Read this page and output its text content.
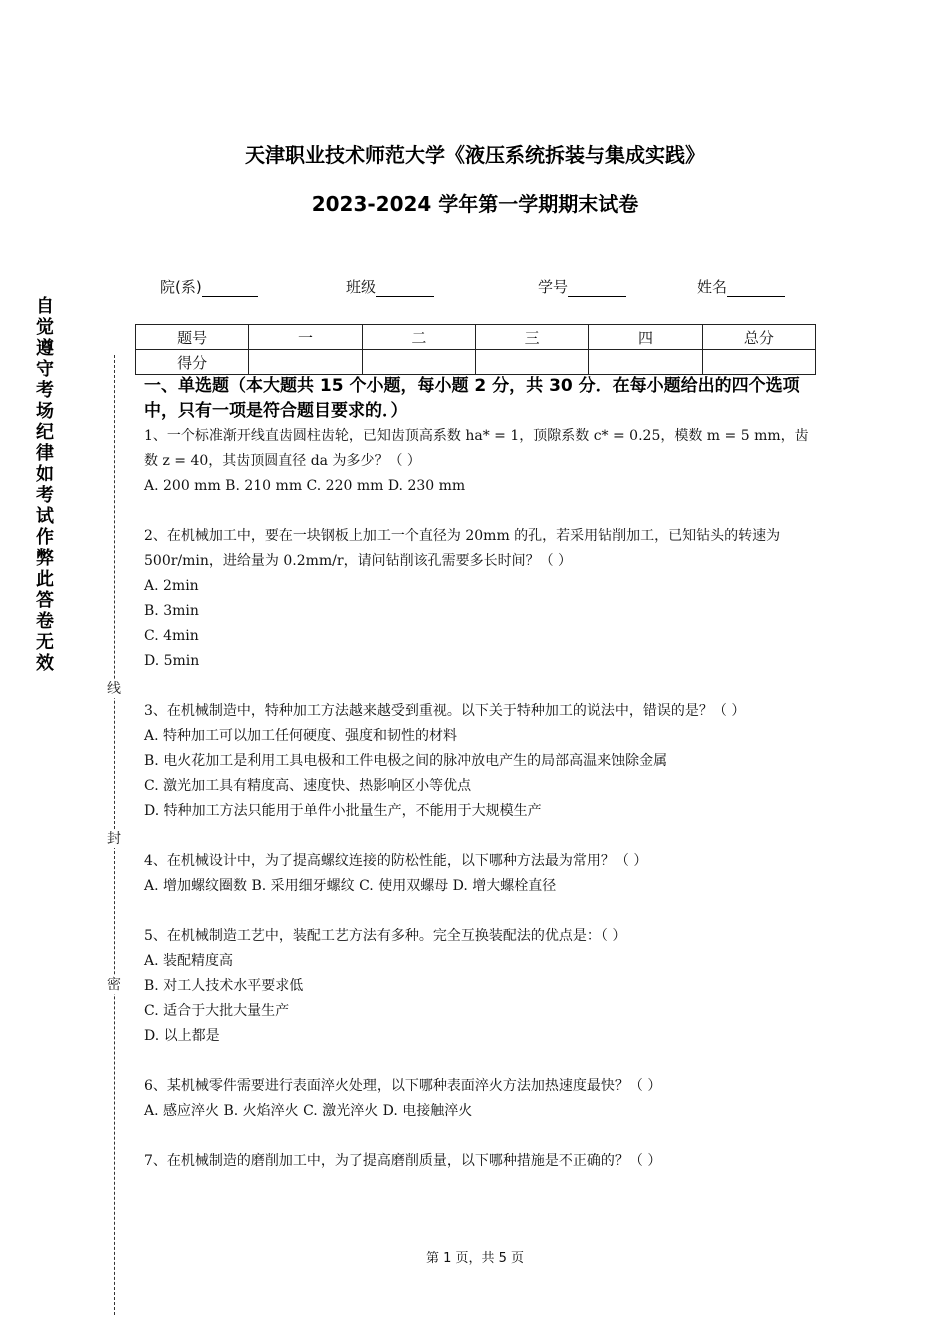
自觉遵守考场纪律如考试作弊此答卷无效
线
封
密
天津职业技术师范大学《液压系统拆装与集成实践》
2023-2024 学年第一学期期末试卷
院(系)	班级	学号	姓名
题号	一	二	三	四	总分
得分					

一、单选题（本大题共 15 个小题，每小题 2 分，共 30 分．在每小题给出的四个选项中，只有一项是符合题目要求的．）

1、一个标准渐开线直齿圆柱齿轮，已知齿顶高系数 ha* = 1，顶隙系数 c* = 0.25，模数 m = 5 mm，齿数 z = 40，其齿顶圆直径 da 为多少？（ ）

A. 200 mm B. 210 mm C. 220 mm D. 230 mm

2、在机械加工中，要在一块钢板上加工一个直径为 20mm 的孔，若采用钻削加工，已知钻头的转速为 500r/min，进给量为 0.2mm/r，请问钻削该孔需要多长时间？（ ）

A. 2min

B. 3min

C. 4min

D. 5min

3、在机械制造中，特种加工方法越来越受到重视。以下关于特种加工的说法中，错误的是？（ ）

A. 特种加工可以加工任何硬度、强度和韧性的材料

B. 电火花加工是利用工具电极和工件电极之间的脉冲放电产生的局部高温来蚀除金属

C. 激光加工具有精度高、速度快、热影响区小等优点

D. 特种加工方法只能用于单件小批量生产，不能用于大规模生产

4、在机械设计中，为了提高螺纹连接的防松性能，以下哪种方法最为常用？（ ）

A. 增加螺纹圈数 B. 采用细牙螺纹 C. 使用双螺母 D. 增大螺栓直径

5、在机械制造工艺中，装配工艺方法有多种。完全互换装配法的优点是：（ ）

A. 装配精度高

B. 对工人技术水平要求低

C. 适合于大批大量生产

D. 以上都是

6、某机械零件需要进行表面淬火处理，以下哪种表面淬火方法加热速度最快？（ ）

A. 感应淬火 B. 火焰淬火 C. 激光淬火 D. 电接触淬火

7、在机械制造的磨削加工中，为了提高磨削质量，以下哪种措施是不正确的？（ ）

第 1 页，共 5 页
